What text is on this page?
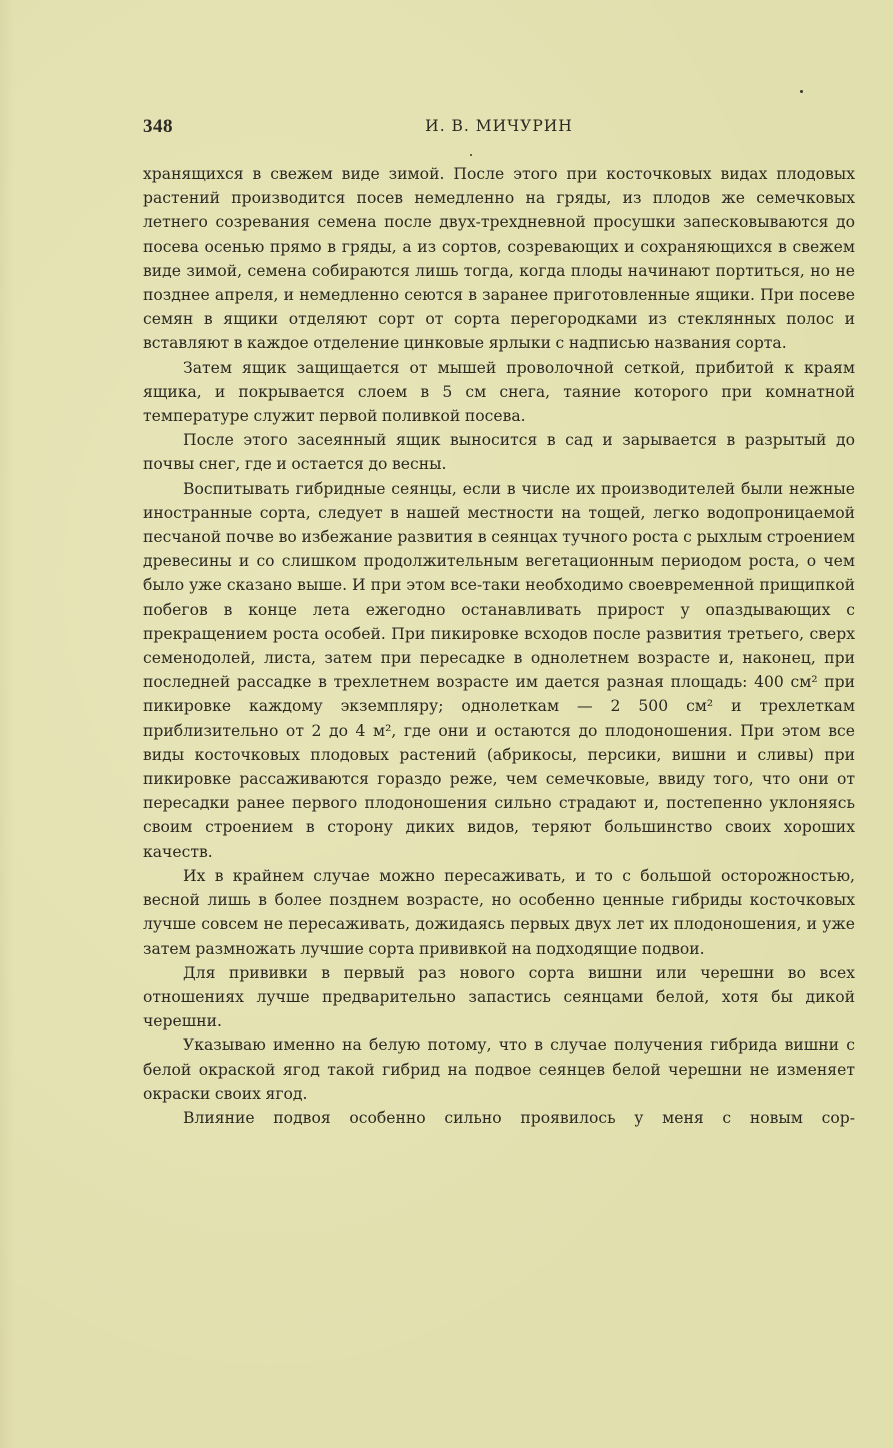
348	И. В. МИЧУРИН

хранящихся в свежем виде зимой. После этого при косточковых видах плодовых растений производится посев немедленно на гряды, из плодов же семечковых летнего созревания семена после двух-трехдневной просушки запесковываются до посева осенью прямо в гряды, а из сортов, созревающих и сохраняющихся в свежем виде зимой, семена собираются лишь тогда, когда плоды начинают портиться, но не позднее апреля, и немедленно сеются в заранее приготовленные ящики. При посеве семян в ящики отделяют сорт от сорта перегородками из стеклянных полос и вставляют в каждое отделение цинковые ярлыки с надписью названия сорта.

Затем ящик защищается от мышей проволочной сеткой, прибитой к краям ящика, и покрывается слоем в 5 см снега, таяние которого при комнатной температуре служит первой поливкой посева.

После этого засеянный ящик выносится в сад и зарывается в разрытый до почвы снег, где и остается до весны.

Воспитывать гибридные сеянцы, если в числе их производителей были нежные иностранные сорта, следует в нашей местности на тощей, легко водопроницаемой песчаной почве во избежание развития в сеянцах тучного роста с рыхлым строением древесины и со слишком продолжительным вегетационным периодом роста, о чем было уже сказано выше. И при этом все-таки необходимо своевременной прищипкой побегов в конце лета ежегодно останавливать прирост у опаздывающих с прекращением роста особей. При пикировке всходов после развития третьего, сверх семенодолей, листа, затем при пересадке в однолетнем возрасте и, наконец, при последней рассадке в трехлетнем возрасте им дается разная площадь: 400 см² при пикировке каждому экземпляру; однолеткам — 2 500 см² и трехлеткам приблизительно от 2 до 4 м², где они и остаются до плодоношения. При этом все виды косточковых плодовых растений (абрикосы, персики, вишни и сливы) при пикировке рассаживаются гораздо реже, чем семечковые, ввиду того, что они от пересадки ранее первого плодоношения сильно страдают и, постепенно уклоняясь своим строением в сторону диких видов, теряют большинство своих хороших качеств.

Их в крайнем случае можно пересаживать, и то с большой осторожностью, весной лишь в более позднем возрасте, но особенно ценные гибриды косточковых лучше совсем не пересаживать, дожидаясь первых двух лет их плодоношения, и уже затем размножать лучшие сорта прививкой на подходящие подвои.

Для прививки в первый раз нового сорта вишни или черешни во всех отношениях лучше предварительно запастись сеянцами белой, хотя бы дикой черешни.

Указываю именно на белую потому, что в случае получения гибрида вишни с белой окраской ягод такой гибрид на подвое сеянцев белой черешни не изменяет окраски своих ягод.

Влияние подвоя особенно сильно проявилось у меня с новым сор-
